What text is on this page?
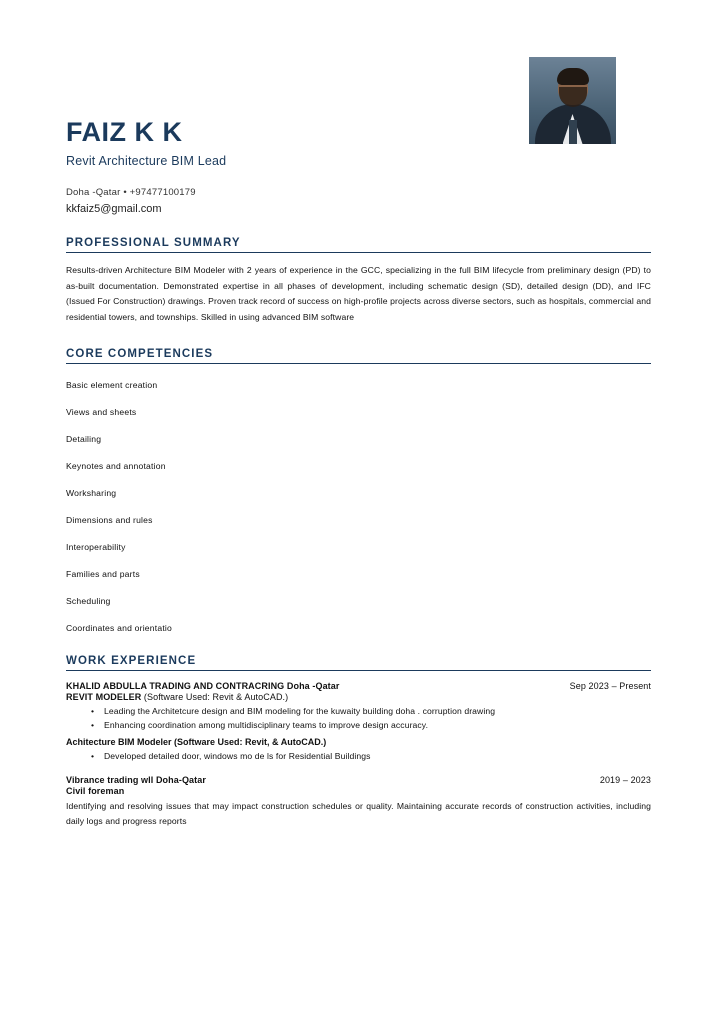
FAIZ K K
Revit Architecture BIM Lead
Doha -Qatar • +97477100179
kkfaiz5@gmail.com
PROFESSIONAL SUMMARY
Results-driven Architecture BIM Modeler with 2 years of experience in the GCC, specializing in the full BIM lifecycle from preliminary design (PD) to as-built documentation. Demonstrated expertise in all phases of development, including schematic design (SD), detailed design (DD), and IFC (Issued For Construction) drawings. Proven track record of success on high-profile projects across diverse sectors, such as hospitals, commercial and residential towers, and townships. Skilled in using advanced BIM software
CORE COMPETENCIES
Basic element creation
Views and sheets
Detailing
Keynotes and annotation
Worksharing
Dimensions and rules
Interoperability
Families and parts
Scheduling
Coordinates and orientatio
WORK EXPERIENCE
KHALID ABDULLA TRADING AND CONTRACRING Doha -Qatar	Sep 2023 – Present
REVIT MODELER (Software Used: Revit & AutoCAD.)
• Leading the Architetcure design and BIM modeling for the kuwaity building doha . corruption drawing
• Enhancing coordination among multidisciplinary teams to improve design accuracy.
Achitecture BIM Modeler (Software Used: Revit, & AutoCAD.)
• Developed detailed door, windows mo de ls for Residential Buildings
Vibrance trading wll Doha-Qatar	2019 – 2023
Civil foreman
Identifying and resolving issues that may impact construction schedules or quality. Maintaining accurate records of construction activities, including daily logs and progress reports
